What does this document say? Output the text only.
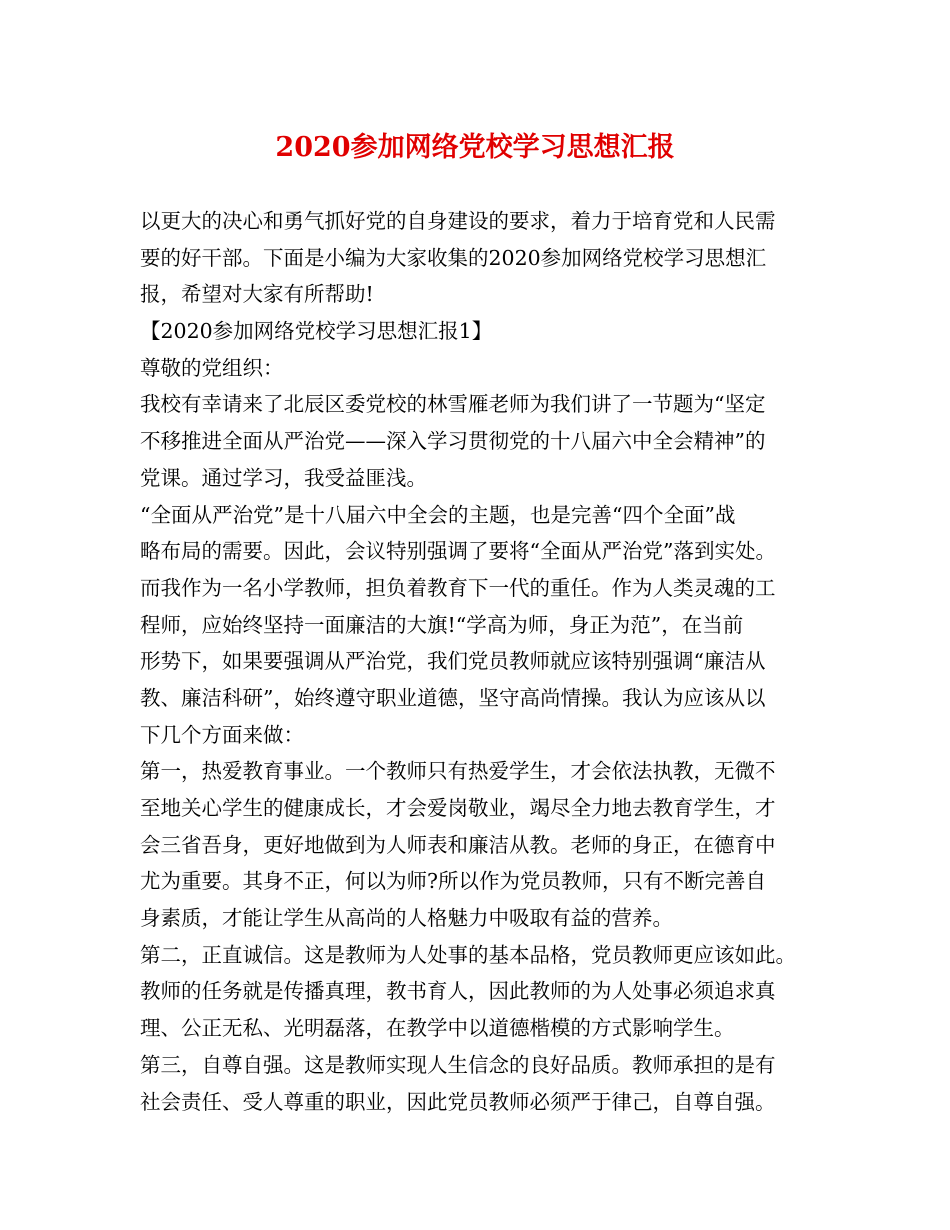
2020参加网络党校学习思想汇报
以更大的决心和勇气抓好党的自身建设的要求，着力于培育党和人民需
要的好干部。下面是小编为大家收集的2020参加网络党校学习思想汇
报，希望对大家有所帮助!
【2020参加网络党校学习思想汇报1】
尊敬的党组织：
我校有幸请来了北辰区委党校的林雪雁老师为我们讲了一节题为“坚定
不移推进全面从严治党——深入学习贯彻党的十八届六中全会精神”的
党课。通过学习，我受益匪浅。
“全面从严治党”是十八届六中全会的主题，也是完善“四个全面”战
略布局的需要。因此，会议特别强调了要将“全面从严治党”落到实处。
而我作为一名小学教师，担负着教育下一代的重任。作为人类灵魂的工
程师，应始终坚持一面廉洁的大旗!“学高为师，身正为范”，在当前
形势下，如果要强调从严治党，我们党员教师就应该特别强调“廉洁从
教、廉洁科研”，始终遵守职业道德，坚守高尚情操。我认为应该从以
下几个方面来做：
第一，热爱教育事业。一个教师只有热爱学生，才会依法执教，无微不
至地关心学生的健康成长，才会爱岗敬业，竭尽全力地去教育学生，才
会三省吾身，更好地做到为人师表和廉洁从教。老师的身正，在德育中
尤为重要。其身不正，何以为师?所以作为党员教师，只有不断完善自
身素质，才能让学生从高尚的人格魅力中吸取有益的营养。
第二，正直诚信。这是教师为人处事的基本品格，党员教师更应该如此。
教师的任务就是传播真理，教书育人，因此教师的为人处事必须追求真
理、公正无私、光明磊落，在教学中以道德楷模的方式影响学生。
第三，自尊自强。这是教师实现人生信念的良好品质。教师承担的是有
社会责任、受人尊重的职业，因此党员教师必须严于律己，自尊自强。
